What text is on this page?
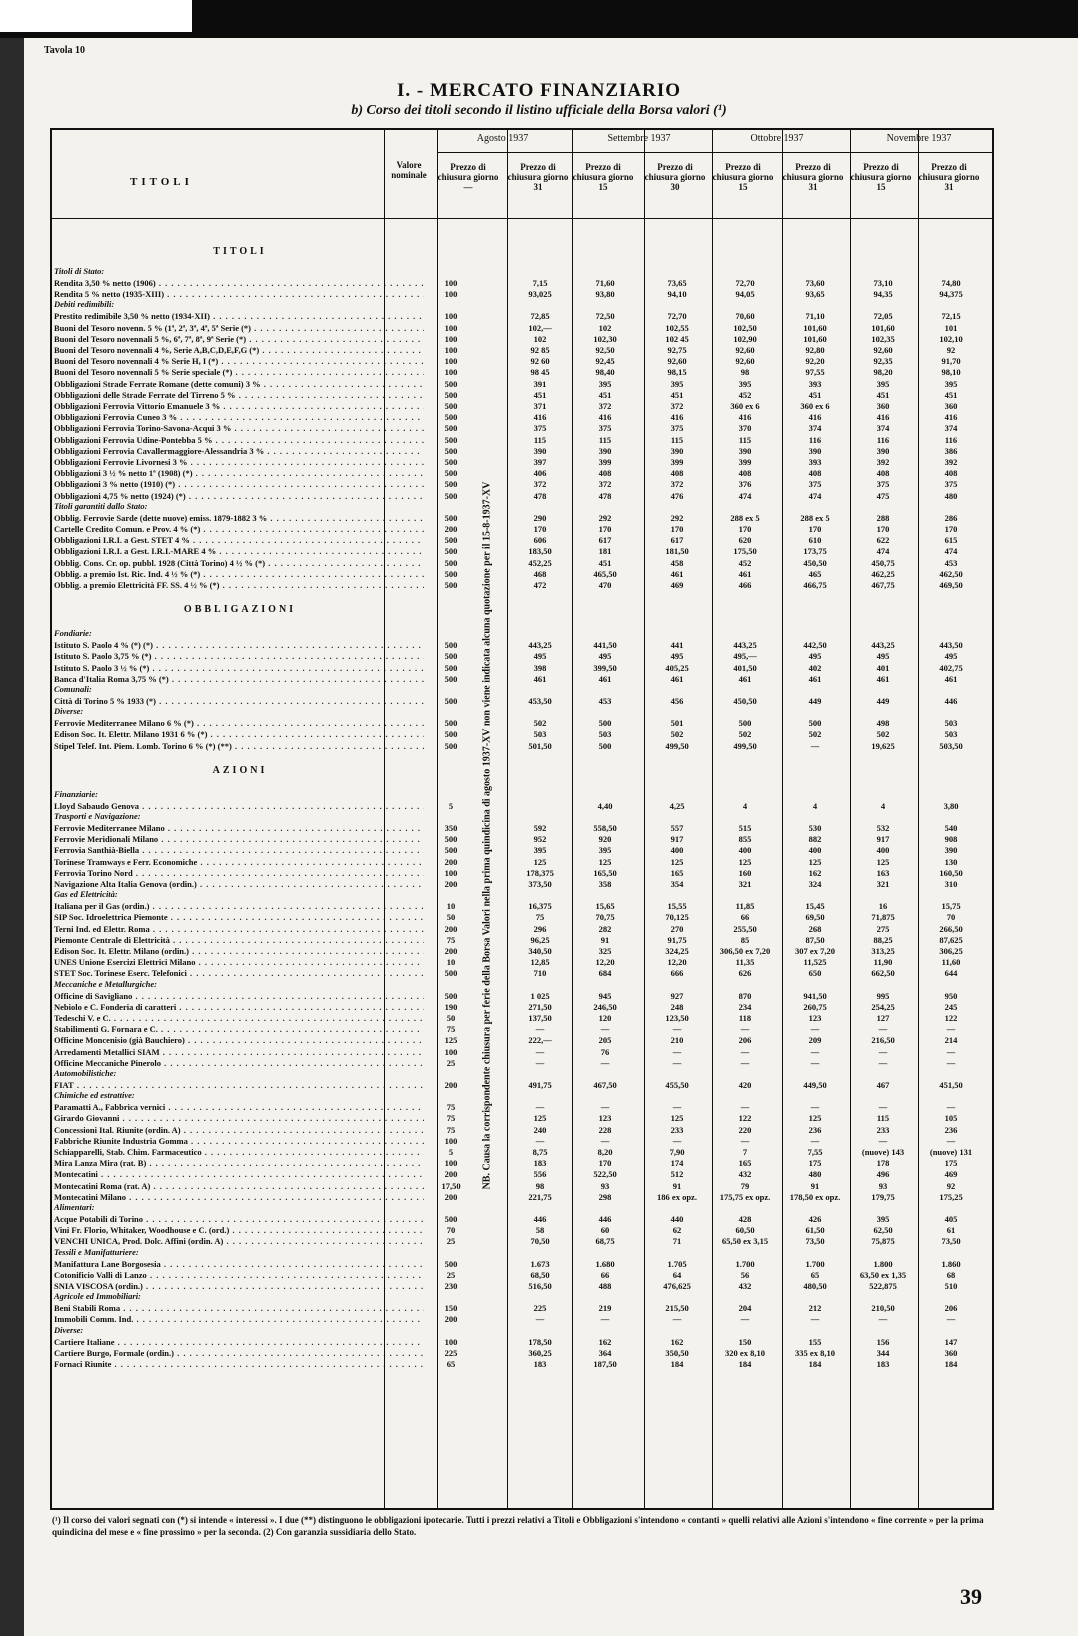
Tavola 10
I. - MERCATO FINANZIARIO
b) Corso dei titoli secondo il listino ufficiale della Borsa valori (¹)
TITOLI
Valore nominale
Agosto 1937	Settembre 1937	Ottobre 1937	Novembre 1937
Prezzo di chiusura giorno —
Prezzo di chiusura giorno 31
Prezzo di chiusura giorno 15
Prezzo di chiusura giorno 30
Prezzo di chiusura giorno 15
Prezzo di chiusura giorno 31
Prezzo di chiusura giorno 15
Prezzo di chiusura giorno 31
NB. Causa la corrispondente chiusura per ferie della Borsa Valori nella prima quindicina di agosto 1937-XV non viene indicata alcuna quotazione per il 15-8-1937-XV
TITOLI
Titoli di Stato:
Rendita 3,50 % netto (1906) . . .	100	7,15	71,60	73,65	72,70	73,60	73,10	74,80
Rendita 5 % netto (1935-XIII) . . .	100	93,025	93,80	94,10	94,05	93,65	94,35	94,375
Debiti redimibili:
Prestito redimibile 3,50 % netto (1934-XII) . . .	100	72,85	72,50	72,70	70,60	71,10	72,05	72,15
Buoni del Tesoro novenn. 5 % (1ª, 2ª, 3ª, 4ª, 5ª Serie (*) . . .	100	102,—	102	102,55	102,50	101,60	101,60	101
Buoni del Tesoro novennali 5 %, 6ª, 7ª, 8ª, 9ª Serie (*) . . .	100	102	102,30	102 45	102,90	101,60	102,35	102,10
Buoni del Tesoro novennali 4 %, Serie A,B,C,D,E,F,G (*) . . .	100	92 85	92,50	92,75	92,60	92,80	92,60	92
Buoni del Tesoro novennali 4 % Serie H, I (*) . . .	100	92 60	92,45	92,60	92,60	92,20	92,35	91,70
Buoni del Tesoro novennali 5 % Serie speciale (*) . . .	100	98 45	98,40	98,15	98	97,55	98,20	98,10
Obbligazioni Strade Ferrate Romane (dette comuni) 3 % . . .	500	391	395	395	395	393	395	395
Obbligazioni delle Strade Ferrate del Tirreno 5 % . . .	500	451	451	451	452	451	451	451
Obbligazioni Ferrovia Vittorio Emanuele 3 % . . .	500	371	372	372	360 ex 6	360 ex 6	360	360
Obbligazioni Ferrovia Cuneo 3 % . . .	500	416	416	416	416	416	416	416
Obbligazioni Ferrovia Torino-Savona-Acqui 3 % . . .	500	375	375	375	370	374	374	374
Obbligazioni Ferrovia Udine-Pontebba 5 % . . .	500	115	115	115	115	116	116	116
Obbligazioni Ferrovia Cavallermaggiore-Alessandria 3 % . . .	500	390	390	390	390	390	390	386
Obbligazioni Ferrovie Livornesi 3 % . . .	500	397	399	399	399	393	392	392
Obbligazioni 3 ½ % netto 1ª (1908) (*) . . .	500	406	408	408	408	408	408	408
Obbligazioni 3 % netto (1910) (*) . . .	500	372	372	372	376	375	375	375
Obbligazioni 4,75 % netto (1924) (*) . . .	500	478	478	476	474	474	475	480
Titoli garantiti dallo Stato:
Obblig. Ferrovie Sarde (dette nuove) emiss. 1879-1882 3 % . . .	500	290	292	292	288 ex 5	288 ex 5	288	286
Cartelle Credito Comun. e Prov. 4 % (*) . . .	200	170	170	170	170	170	170	170
Obbligazioni I.R.I. a Gest. STET 4 % . . .	500	606	617	617	620	610	622	615
Obbligazioni I.R.I. a Gest. I.R.I.-MARE 4 % . . .	500	183,50	181	181,50	175,50	173,75	474	474
Obblig. Cons. Cr. op. pubbl. 1928 (Città Torino) 4 ½ % (*) . . .	500	452,25	451	458	452	450,50	450,75	453
Obblig. a premio Ist. Ric. Ind. 4 ½ % (*) . . .	500	468	465,50	461	461	465	462,25	462,50
Obblig. a premio Elettricità FF. SS. 4 ½ % (*) . . .	500	472	470	469	466	466,75	467,75	469,50
OBBLIGAZIONI
Fondiarie:
Istituto S. Paolo 4 % (*) (*) . . .	500	443,25	441,50	441	443,25	442,50	443,25	443,50
Istituto S. Paolo 3,75 % (*) . . .	500	495	495	495	495,—	495	495	495
Istituto S. Paolo 3 ½ % (*) . . .	500	398	399,50	405,25	401,50	402	401	402,75
Banca d'Italia Roma 3,75 % (*) . . .	500	461	461	461	461	461	461	461
Comunali:
Città di Torino 5 % 1933 (*) . . .	500	453,50	453	456	450,50	449	449	446
Diverse:
Ferrovie Mediterranee Milano 6 % (*) . . .	500	502	500	501	500	500	498	503
Edison Soc. It. Elettr. Milano 1931 6 % (*) . . .	500	503	503	502	502	502	502	503
Stipel Telef. Int. Piem. Lomb. Torino 6 % (*) (**) . . .	500	501,50	500	499,50	499,50	—	19,625	503,50
AZIONI
Finanziarie:
Lloyd Sabaudo Genova . . .	5	4,40	4,25	4	4	4	3,80
Trasporti e Navigazione:
Ferrovie Mediterranee Milano . . .	350	592	558,50	557	515	530	532	540
Ferrovie Meridionali Milano . . .	500	952	920	917	855	882	917	908
Ferrovia Santhià-Biella . . .	500	395	395	400	400	400	400	390
Torinese Tramways e Ferr. Economiche . . .	200	125	125	125	125	125	125	130
Ferrovia Torino Nord . . .	100	178,375	165,50	165	160	162	163	160,50
Navigazione Alta Italia Genova (ordin.) . . .	200	373,50	358	354	321	324	321	310
Gas ed Elettricità:
Italiana per il Gas (ordin.) . . .	10	16,375	15,65	15,55	11,85	15,45	16	15,75
SIP Soc. Idroelettrica Piemonte . . .	50	75	70,75	70,125	66	69,50	71,875	70
Terni Ind. ed Elettr. Roma . . .	200	296	282	270	255,50	268	275	266,50
Piemonte Centrale di Elettricità . . .	75	96,25	91	91,75	85	87,50	88,25	87,625
Edison Soc. It. Elettr. Milano (ordin.) . . .	200	340,50	325	324,25	306,50 ex 7,20	307 ex 7,20	313,25	306,25
UNES Unione Esercizi Elettrici Milano . . .	10	12,85	12,20	12,20	11,35	11,525	11,90	11,60
STET Soc. Torinese Eserc. Telefonici . . .	500	710	684	666	626	650	662,50	644
Meccaniche e Metallurgiche:
Officine di Savigliano . . .	500	1 025	945	927	870	941,50	995	950
Nebiolo e C. Fonderia di caratteri . . .	190	271,50	246,50	248	234	260,75	254,25	245
Tedeschi V. e C. . . .	50	137,50	120	123,50	118	123	127	122
Stabilimenti G. Fornara e C. . . .	75	—	—	—	—	—	—	—
Officine Moncenisio (già Bauchiero) . . .	125	222,—	205	210	206	209	216,50	214
Arredamenti Metallici SIAM . . .	100	—	76	—	—	—	—	—
Officine Meccaniche Pinerolo . . .	25	—	—	—	—	—	—	—
Automobilistiche:
FIAT . . .	200	491,75	467,50	455,50	420	449,50	467	451,50
Chimiche ed estrattive:
Paramatti A., Fabbrica vernici . . .	75	—	—	—	—	—	—	—
Girardo Giovanni . . .	75	125	123	125	122	125	115	105
Concessioni Ital. Riunite (ordin. A) . . .	75	240	228	233	220	236	233	236
Fabbriche Riunite Industria Gomma . . .	100	—	—	—	—	—	—	—
Schiapparelli, Stab. Chim. Farmaceutico . . .	5	8,75	8,20	7,90	7	7,55	(nuove) 143	(nuove) 131
Mira Lanza Mira (rat. B) . . .	100	183	170	174	165	175	178	175
Montecatini . . .	200	556	522,50	512	432	480	496	469
Montecatini Roma (rat. A) . . .	17,50	98	93	91	79	91	93	92
Montecatini Milano . . .	200	221,75	298	186 ex opz.	175,75 ex opz.	178,50 ex opz.	179,75	175,25
Alimentari:
Acque Potabili di Torino . . .	500	446	446	440	428	426	395	405
Vini Fr. Florio, Whitaker, Woodhouse e C. (ord.) . . .	70	58	60	62	60,50	61,50	62,50	61
VENCHI UNICA, Prod. Dolc. Affini (ordin. A) . . .	25	70,50	68,75	71	65,50 ex 3,15	73,50	75,875	73,50
Tessili e Manifatturiere:
Manifattura Lane Borgosesia . . .	500	1.673	1.680	1.705	1.700	1.700	1.800	1.860
Cotonificio Valli di Lanzo . . .	25	68,50	66	64	56	65	63,50 ex 1,35	68
SNIA VISCOSA (ordin.) . . .	230	516,50	488	476,625	432	480,50	522,875	510
Agricole ed Immobiliari:
Beni Stabili Roma . . .	150	225	219	215,50	204	212	210,50	206
Immobili Comm. Ind. . . .	200	—	—	—	—	—	—	—
Diverse:
Cartiere Italiane . . .	100	178,50	162	162	150	155	156	147
Cartiere Burgo, Formale (ordin.) . . .	225	360,25	364	350,50	320 ex 8,10	335 ex 8,10	344	360
Fornaci Riunite . . .	65	183	187,50	184	184	184	183	184
(¹) Il corso dei valori segnati con (*) si intende « interessi ». I due (**) distinguono le obbligazioni ipotecarie. Tutti i prezzi relativi a Titoli e Obbligazioni s'intendono « contanti » quelli relativi alle Azioni s'intendono « fine corrente » per la prima quindicina del mese e « fine prossimo » per la seconda. (2) Con garanzia sussidiaria dello Stato.
39
